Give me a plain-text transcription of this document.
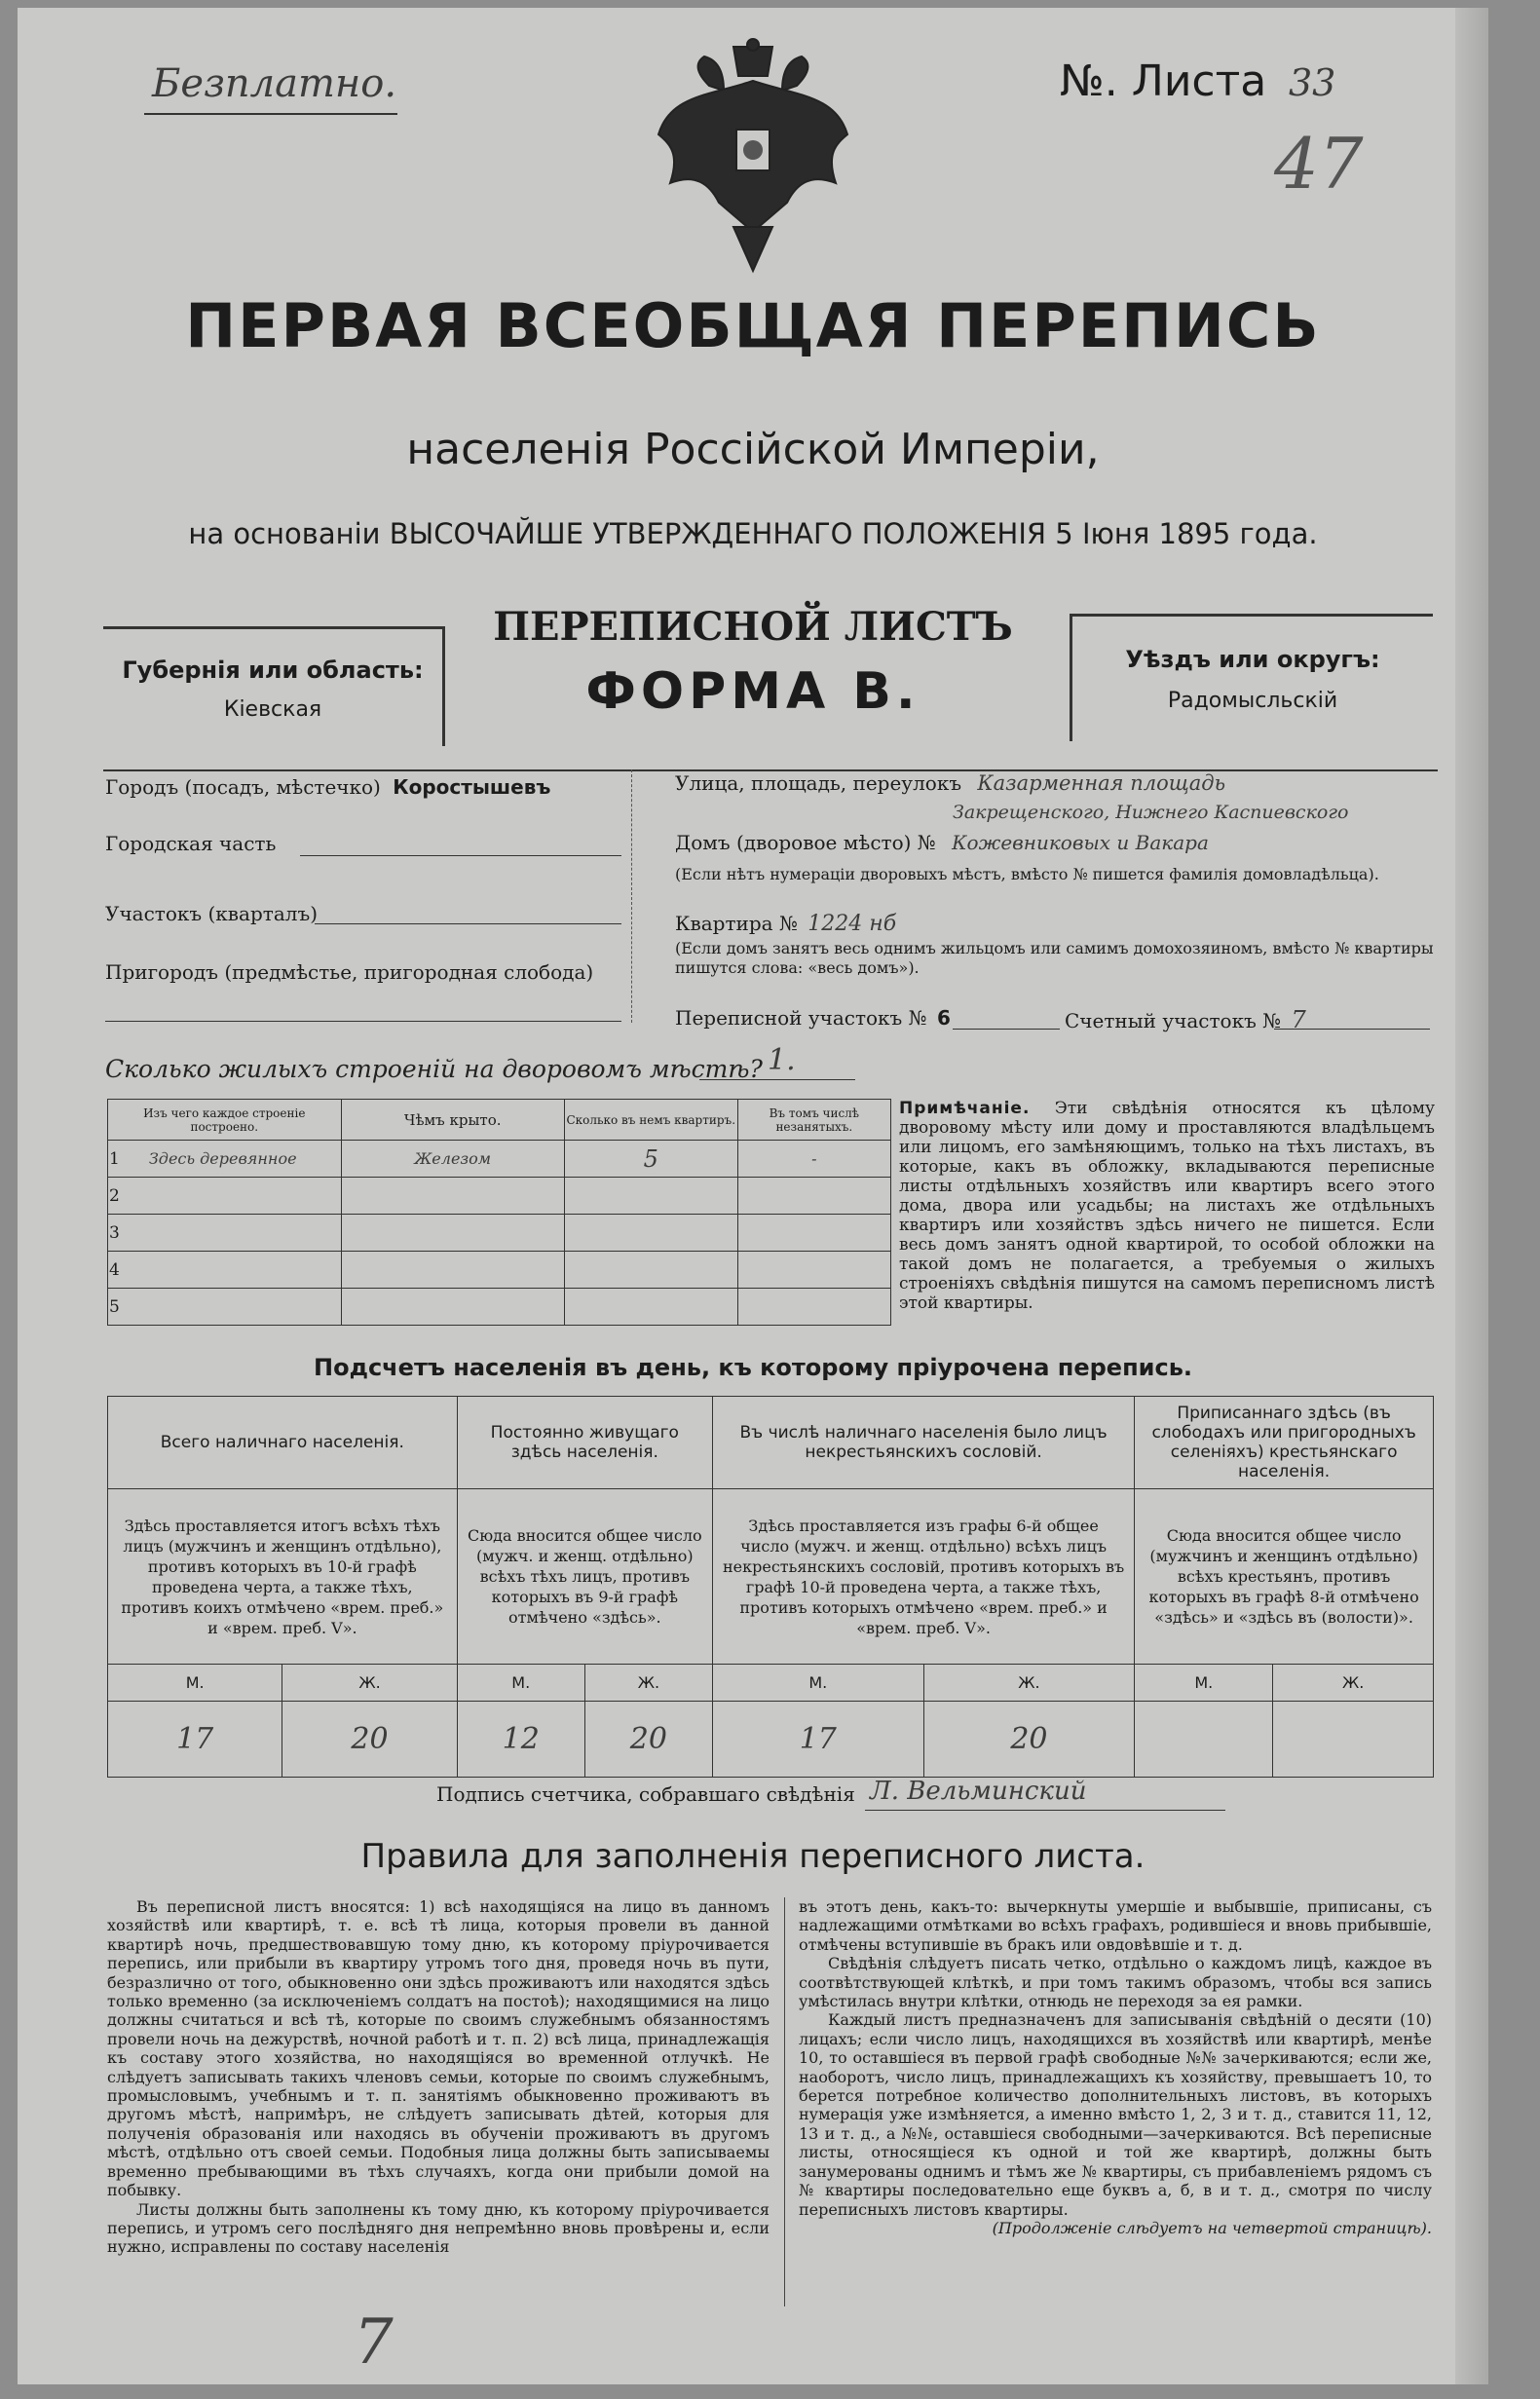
Безплатно.	№. Листа 33
47
ПЕРВАЯ ВСЕОБЩАЯ ПЕРЕПИСЬ
населенія Россійской Имперіи,
на основаніи ВЫСОЧАЙШЕ УТВЕРЖДЕННАГО ПОЛОЖЕНІЯ 5 Іюня 1895 года.
Губернія или область:
Кіевская
ПЕРЕПИСНОЙ ЛИСТЪ
ФОРМА В.
Уѣздъ или округъ:
Радомысльскій
Городъ (посадъ, мѣстечко) Коростышевъ
Городская часть
Участокъ (кварталъ)
Пригородъ (предмѣстье, пригородная слобода)
Улица, площадь, переулокъ Казарменная площадь
Закрещенского, Нижнего Каспиевского
Домъ (дворовое мѣсто) № Кожевниковых и Вакара
(Если нѣтъ нумераціи дворовыхъ мѣстъ, вмѣсто № пишется фамилія домовладѣльца).
Квартира № 1224 нб
(Если домъ занятъ весь однимъ жильцомъ или самимъ домохозяиномъ, вмѣсто № квартиры пишутся слова: «весь домъ»).
Переписной участокъ № 6	Счетный участокъ № 7
Сколько жилыхъ строеній на дворовомъ мѣстѣ? 1.
Изъ чего каждое строеніе построено.	Чѣмъ крыто.	Сколько въ немъ квартиръ.	Въ томъ числѣ незанятыхъ.
1 Здесь деревянное	Железом	5	-
2			
3			
4			
5			
Примѣчаніе. Эти свѣдѣнія относятся къ цѣлому дворовому мѣсту или дому и проставляются владѣльцемъ или лицомъ, его замѣняющимъ, только на тѣхъ листахъ, въ которые, какъ въ обложку, вкладываются переписные листы отдѣльныхъ хозяйствъ или квартиръ всего этого дома, двора или усадьбы; на листахъ же отдѣльныхъ квартиръ или хозяйствъ здѣсь ничего не пишется. Если весь домъ занятъ одной квартирой, то особой обложки на такой домъ не полагается, а требуемыя о жилыхъ строеніяхъ свѣдѣнія пишутся на самомъ переписномъ листѣ этой квартиры.
Подсчетъ населенія въ день, къ которому пріурочена перепись.
Всего наличнаго населенія.		Постоянно живущаго здѣсь населенія.		Въ числѣ наличнаго населенія было лицъ некрестьянскихъ сословій.		Приписаннаго здѣсь (въ слободахъ или пригородныхъ селеніяхъ) крестьянскаго населенія.	
Здѣсь проставляется итогъ всѣхъ тѣхъ лицъ (мужчинъ и женщинъ отдѣльно), противъ которыхъ въ 10-й графѣ проведена черта, а также тѣхъ, противъ коихъ отмѣчено «врем. преб.» и «врем. преб. V».		Сюда вносится общее число (мужч. и женщ. отдѣльно) всѣхъ тѣхъ лицъ, противъ которыхъ въ 9-й графѣ отмѣчено «здѣсь».		Здѣсь проставляется изъ графы 6-й общее число (мужч. и женщ. отдѣльно) всѣхъ лицъ некрестьянскихъ сословій, противъ которыхъ въ графѣ 10-й проведена черта, а также тѣхъ, противъ которыхъ отмѣчено «врем. преб.» и «врем. преб. V».		Сюда вносится общее число (мужчинъ и женщинъ отдѣльно) всѣхъ крестьянъ, противъ которыхъ въ графѣ 8-й отмѣчено «здѣсь» и «здѣсь въ (волости)».	
М.	Ж.	М.	Ж.	М.	Ж.	М.	Ж.
17	20	12	20	17	20		
Подпись счетчика, собравшаго свѣдѣнія Л. Вельминский
Правила для заполненія переписного листа.

Въ переписной листъ вносятся: 1) всѣ находящіяся на лицо въ данномъ хозяйствѣ или квартирѣ, т. е. всѣ тѣ лица, которыя провели въ данной квартирѣ ночь, предшествовавшую тому дню, къ которому пріурочивается перепись, или прибыли въ квартиру утромъ того дня, проведя ночь въ пути, безразлично от того, обыкновенно они здѣсь проживаютъ или находятся здѣсь только временно (за исключеніемъ солдатъ на постоѣ); находящимися на лицо должны считаться и всѣ тѣ, которые по своимъ служебнымъ обязанностямъ провели ночь на дежурствѣ, ночной работѣ и т. п. 2) всѣ лица, принадлежащія къ составу этого хозяйства, но находящіяся во временной отлучкѣ. Не слѣдуетъ записывать такихъ членовъ семьи, которые по своимъ служебнымъ, промысловымъ, учебнымъ и т. п. занятіямъ обыкновенно проживаютъ въ другомъ мѣстѣ, напримѣръ, не слѣдуетъ записывать дѣтей, которыя для полученія образованія или находясь въ обученіи проживаютъ въ другомъ мѣстѣ, отдѣльно отъ своей семьи. Подобныя лица должны быть записываемы временно пребывающими въ тѣхъ случаяхъ, когда они прибыли домой на побывку.

Листы должны быть заполнены къ тому дню, къ которому пріурочивается перепись, и утромъ сего послѣдняго дня непремѣнно вновь провѣрены и, если нужно, исправлены по составу населенія

въ этотъ день, какъ-то: вычеркнуты умершіе и выбывшіе, приписаны, съ надлежащими отмѣтками во всѣхъ графахъ, родившіеся и вновь прибывшіе, отмѣчены вступившіе въ бракъ или овдовѣвшіе и т. д.

Свѣдѣнія слѣдуетъ писать четко, отдѣльно о каждомъ лицѣ, каждое въ соотвѣтствующей клѣткѣ, и при томъ такимъ образомъ, чтобы вся запись умѣстилась внутри клѣтки, отнюдь не переходя за ея рамки.

Каждый листъ предназначенъ для записыванія свѣдѣній о десяти (10) лицахъ; если число лицъ, находящихся въ хозяйствѣ или квартирѣ, менѣе 10, то оставшіеся въ первой графѣ свободные №№ зачеркиваются; если же, наоборотъ, число лицъ, принадлежащихъ къ хозяйству, превышаетъ 10, то берется потребное количество дополнительныхъ листовъ, въ которыхъ нумерація уже измѣняется, а именно вмѣсто 1, 2, 3 и т. д., ставится 11, 12, 13 и т. д., а №№, оставшіеся свободными—зачеркиваются. Всѣ переписные листы, относящіеся къ одной и той же квартирѣ, должны быть занумерованы однимъ и тѣмъ же № квартиры, съ прибавленіемъ рядомъ съ № квартиры последовательно еще буквъ а, б, в и т. д., смотря по числу переписныхъ листовъ квартиры.

(Продолженіе слѣдуетъ на четвертой страницѣ).

7
